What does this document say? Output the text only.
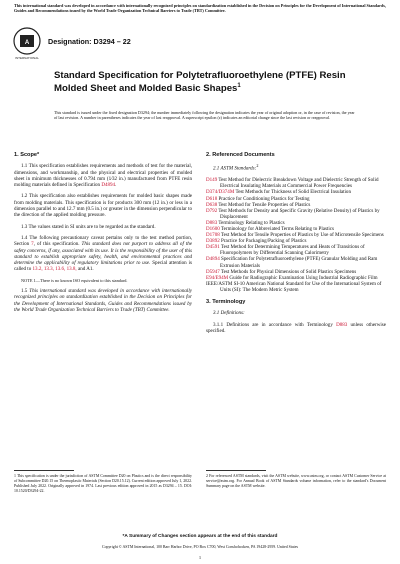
This international standard was developed in accordance with internationally recognized principles on standardization established in the Decision on Principles for the Development of International Standards, Guides and Recommendations issued by the World Trade Organization Technical Barriers to Trade (TBT) Committee.
A
INTERNATIONAL
Designation: D3294 – 22
Standard Specification for Polytetrafluoroethylene (PTFE) Resin Molded Sheet and Molded Basic Shapes$^1$
This standard is issued under the fixed designation D3294; the number immediately following the designation indicates the year of original adoption or, in the case of revision, the year of last revision. A number in parentheses indicates the year of last reapproval. A superscript epsilon (ε) indicates an editorial change since the last revision or reapproval.
1. Scope*
1.1 This specification establishes requirements and methods of test for the material, dimensions, and workmanship, and the physical and electrical properties of molded sheet in minimum thicknesses of 0.794 mm (1⁄32 in.) manufactured from PTFE resin molding materials defined in Specification D4894.
1.2 This specification also establishes requirements for molded basic shapes made from molding materials. This specification is for products 300 mm (12 in.) or less in a dimension parallel to and 12.7 mm (0.5 in.) or greater in the dimension perpendicular to the direction of the applied molding pressure.
1.3 The values stated in SI units are to be regarded as the standard.
1.4 The following precautionary caveat pertains only to the test method portion, Section 7, of this specification. This standard does not purport to address all of the safety concerns, if any, associated with its use. It is the responsibility of the user of this standard to establish appropriate safety, health, and environmental practices and determine the applicability of regulatory limitations prior to use. Special attention is called to 13.2, 13.3, 13.6, 13.8, and A1.
NOTE 1—There is no known ISO equivalent to this standard.
1.5 This international standard was developed in accordance with internationally recognized principles on standardization established in the Decision on Principles for the Development of International Standards, Guides and Recommendations issued by the World Trade Organization Technical Barriers to Trade (TBT) Committee.
2. Referenced Documents
2.1 ASTM Standards:$^2$
D149 Test Method for Dielectric Breakdown Voltage and Dielectric Strength of Solid Electrical Insulating Materials at Commercial Power Frequencies
D374/D374M Test Methods for Thickness of Solid Electrical Insulation
D618 Practice for Conditioning Plastics for Testing
D638 Test Method for Tensile Properties of Plastics
D792 Test Methods for Density and Specific Gravity (Relative Density) of Plastics by Displacement
D883 Terminology Relating to Plastics
D1600 Terminology for Abbreviated Terms Relating to Plastics
D1708 Test Method for Tensile Properties of Plastics by Use of Microtensile Specimens
D3892 Practice for Packaging/Packing of Plastics
D4591 Test Method for Determining Temperatures and Heats of Transitions of Fluoropolymers by Differential Scanning Calorimetry
D4894 Specification for Polytetrafluoroethylene (PTFE) Granular Molding and Ram Extrusion Materials
D5947 Test Methods for Physical Dimensions of Solid Plastics Specimens
E94/E94M Guide for Radiographic Examination Using Industrial Radiographic Film
IEEE/ASTM SI-10 American National Standard for Use of the International System of Units (SI): The Modern Metric System
3. Terminology
3.1 Definitions:
3.1.1 Definitions are in accordance with Terminology D883 unless otherwise specified.
1 This specification is under the jurisdiction of ASTM Committee D20 on Plastics and is the direct responsibility of Subcommittee D20.15 on Thermoplastic Materials (Section D20.15.12). Current edition approved July 1, 2022. Published July 2022. Originally approved in 1974. Last previous edition approved in 2015 as D3294 – 15. DOI: 10.1520/D3294-22.
2 For referenced ASTM standards, visit the ASTM website, www.astm.org, or contact ASTM Customer Service at service@astm.org. For Annual Book of ASTM Standards volume information, refer to the standard's Document Summary page on the ASTM website.
*A Summary of Changes section appears at the end of this standard
Copyright © ASTM International, 100 Barr Harbor Drive, PO Box C700, West Conshohocken, PA 19428-2959. United States
1
